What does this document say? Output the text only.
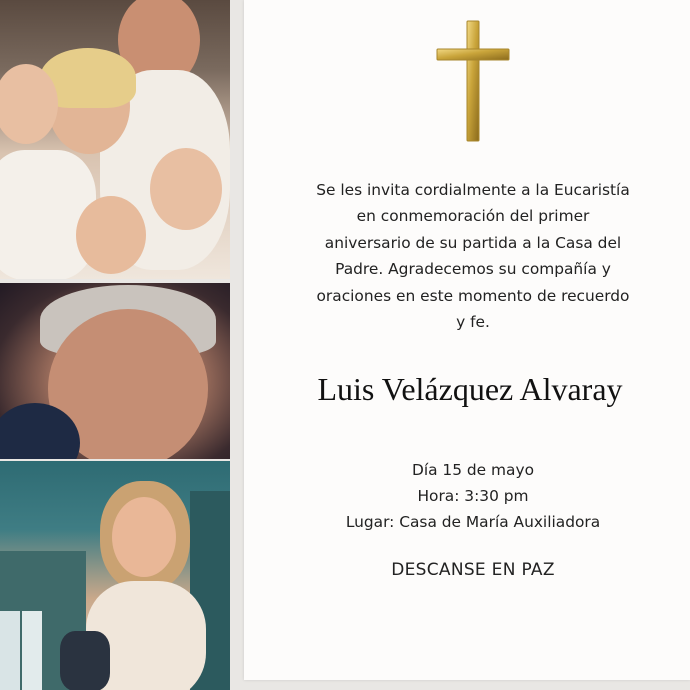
Se les invita cordialmente a la Eucaristía
en conmemoración del primer
aniversario de su partida a la Casa del
Padre. Agradecemos su compañía y
oraciones en este momento de recuerdo
y fe.
Luis Velázquez Alvaray
Día 15 de mayo
Hora: 3:30 pm
Lugar: Casa de María Auxiliadora
DESCANSE EN PAZ
